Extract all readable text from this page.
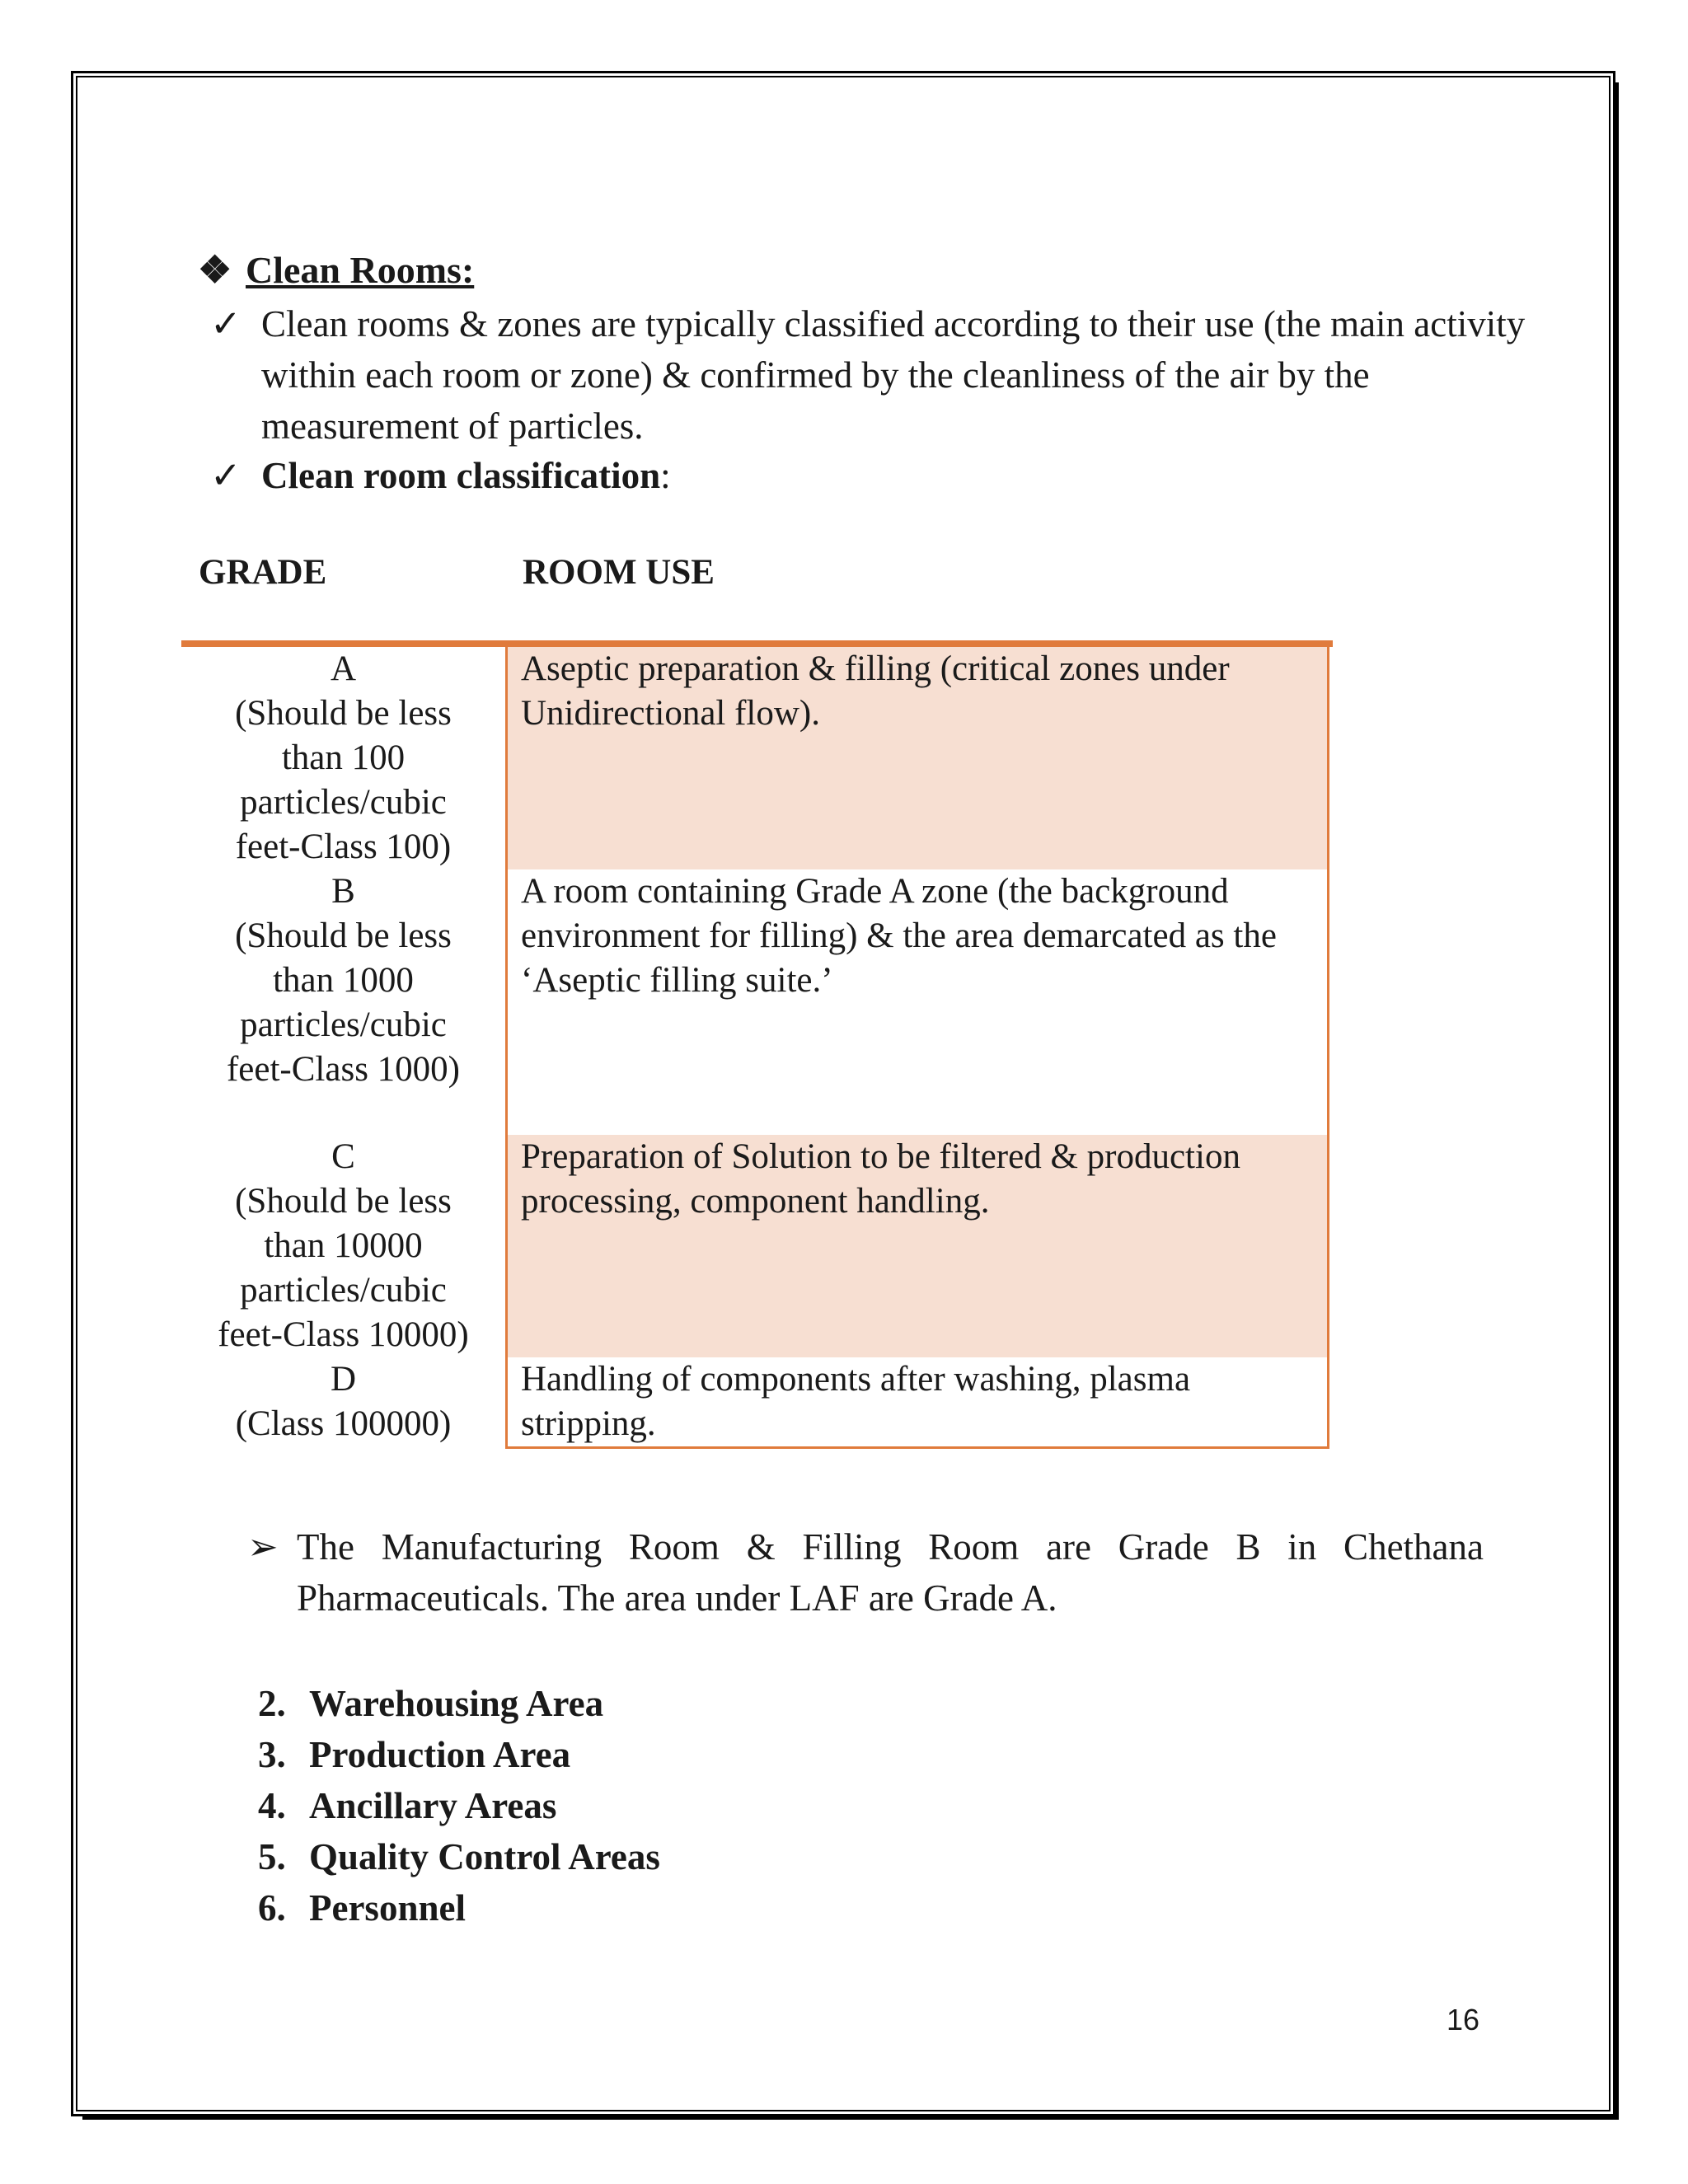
❖ Clean Rooms:
✓ Clean rooms & zones are typically classified according to their use (the main activity within each room or zone) & confirmed by the cleanliness of the air by the measurement of particles.
✓ Clean room classification:
GRADE	ROOM USE
A
(Should be less
than 100
particles/cubic
feet-Class 100)	Aseptic preparation & filling (critical zones under Unidirectional flow).

B
(Should be less
than 1000
particles/cubic
feet-Class 1000)	A room containing Grade A zone (the background environment for filling) & the area demarcated as the ‘Aseptic filling suite.’

C
(Should be less
than 10000
particles/cubic
feet-Class 10000)	Preparation of Solution to be filtered & production processing, component handling.

D
(Class 100000)	Handling of components after washing, plasma stripping.
➢ The Manufacturing Room & Filling Room are Grade B in Chethana Pharmaceuticals. The area under LAF are Grade A.
2. Warehousing Area
3. Production Area
4. Ancillary Areas
5. Quality Control Areas
6. Personnel
16
